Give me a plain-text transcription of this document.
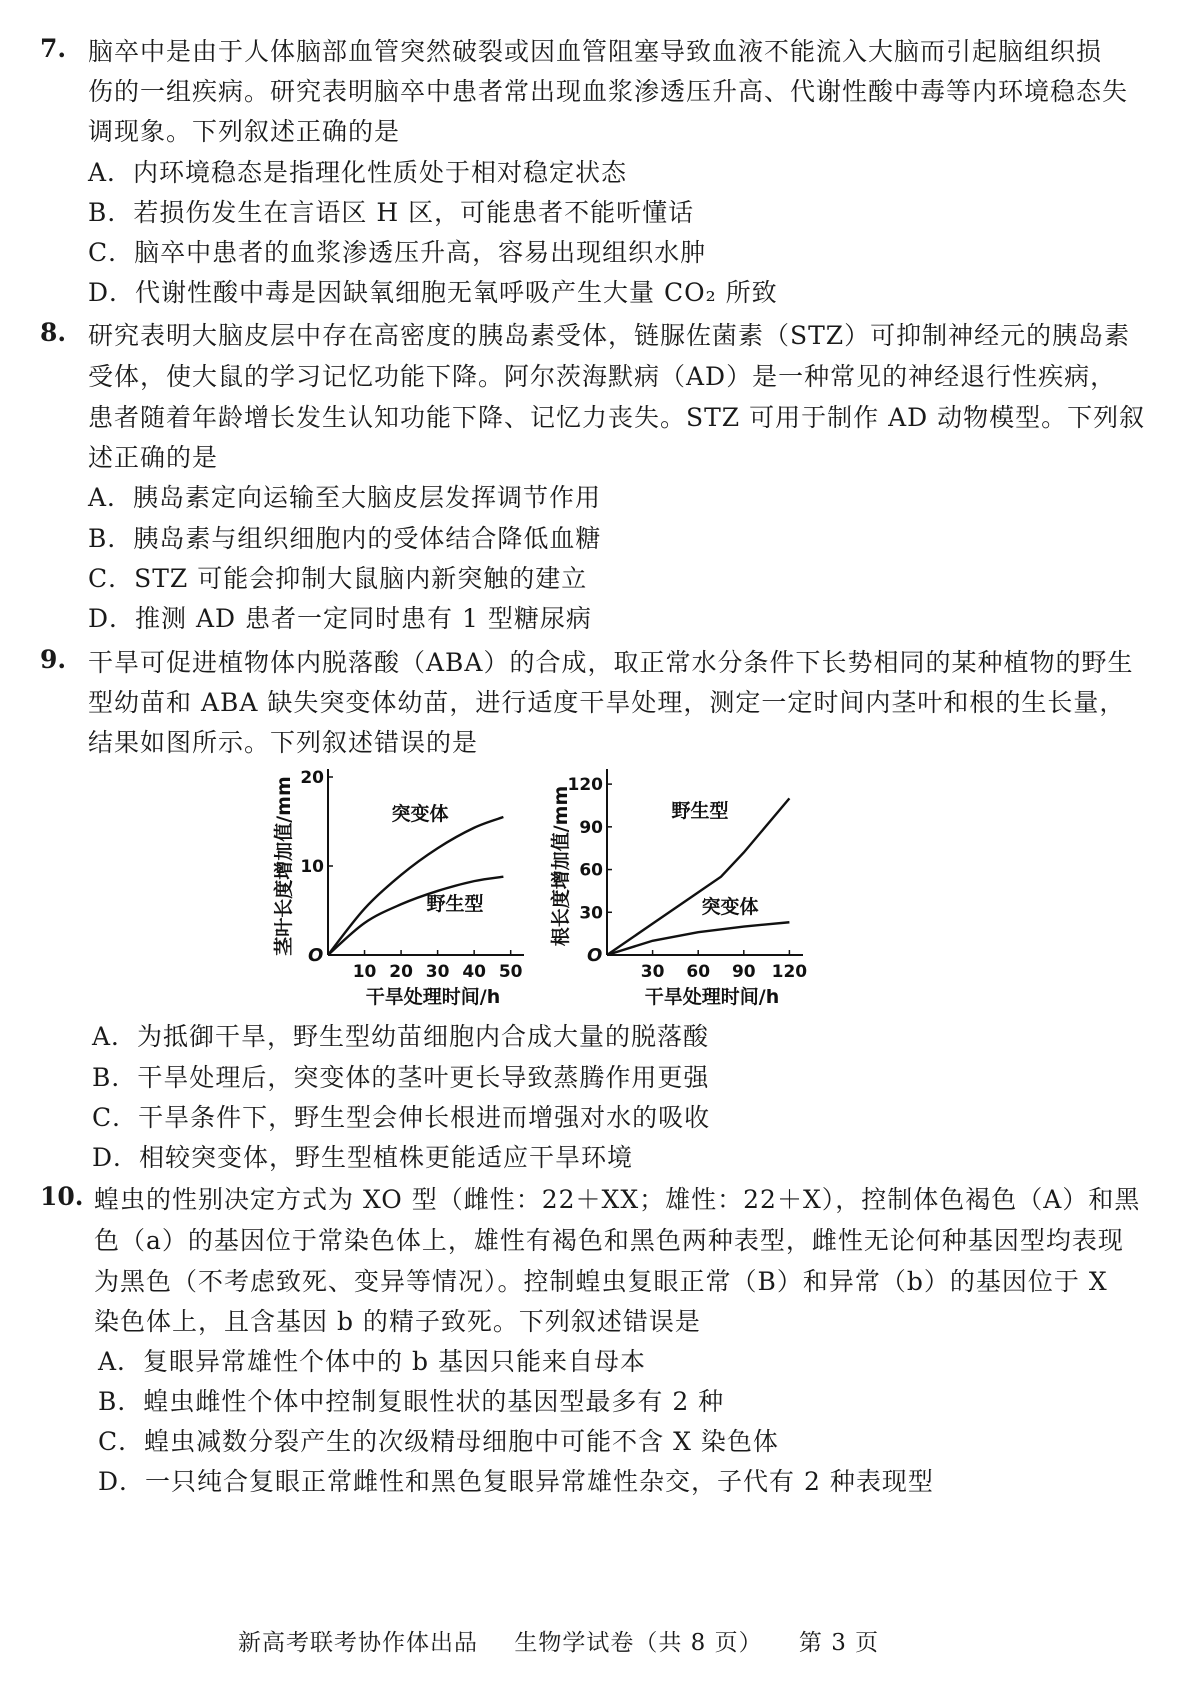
7. 脑卒中是由于人体脑部血管突然破裂或因血管阻塞导致血液不能流入大脑而引起脑组织损
伤的一组疾病。研究表明脑卒中患者常出现血浆渗透压升高、代谢性酸中毒等内环境稳态失
调现象。下列叙述正确的是
A．内环境稳态是指理化性质处于相对稳定状态
B．若损伤发生在言语区 H 区，可能患者不能听懂话
C．脑卒中患者的血浆渗透压升高，容易出现组织水肿
D．代谢性酸中毒是因缺氧细胞无氧呼吸产生大量 CO₂ 所致
8. 研究表明大脑皮层中存在高密度的胰岛素受体，链脲佐菌素（STZ）可抑制神经元的胰岛素
受体，使大鼠的学习记忆功能下降。阿尔茨海默病（AD）是一种常见的神经退行性疾病，
患者随着年龄增长发生认知功能下降、记忆力丧失。STZ 可用于制作 AD 动物模型。下列叙
述正确的是
A．胰岛素定向运输至大脑皮层发挥调节作用
B．胰岛素与组织细胞内的受体结合降低血糖
C．STZ 可能会抑制大鼠脑内新突触的建立
D．推测 AD 患者一定同时患有 1 型糖尿病
9. 干旱可促进植物体内脱落酸（ABA）的合成，取正常水分条件下长势相同的某种植物的野生
型幼苗和 ABA 缺失突变体幼苗，进行适度干旱处理，测定一定时间内茎叶和根的生长量，
结果如图所示。下列叙述错误的是
O
10 20 30 40 50
10
20
干旱处理时间/h
茎叶长度增加值/mm	突变体
野生型
O
30 60 90 120
30
60
90
120
干旱处理时间/h
根长度增加值/mm	野生型
突变体
A．为抵御干旱，野生型幼苗细胞内合成大量的脱落酸
B．干旱处理后，突变体的茎叶更长导致蒸腾作用更强
C．干旱条件下，野生型会伸长根进而增强对水的吸收
D．相较突变体，野生型植株更能适应干旱环境
10. 蝗虫的性别决定方式为 XO 型（雌性：22＋XX；雄性：22＋X），控制体色褐色（A）和黑
色（a）的基因位于常染色体上，雄性有褐色和黑色两种表型，雌性无论何种基因型均表现
为黑色（不考虑致死、变异等情况）。控制蝗虫复眼正常（B）和异常（b）的基因位于 X
染色体上，且含基因 b 的精子致死。下列叙述错误是
A．复眼异常雄性个体中的 b 基因只能来自母本
B．蝗虫雌性个体中控制复眼性状的基因型最多有 2 种
C．蝗虫减数分裂产生的次级精母细胞中可能不含 X 染色体
D．一只纯合复眼正常雌性和黑色复眼异常雄性杂交，子代有 2 种表现型
新高考联考协作体出品 生物学试卷（共 8 页） 第 3 页
